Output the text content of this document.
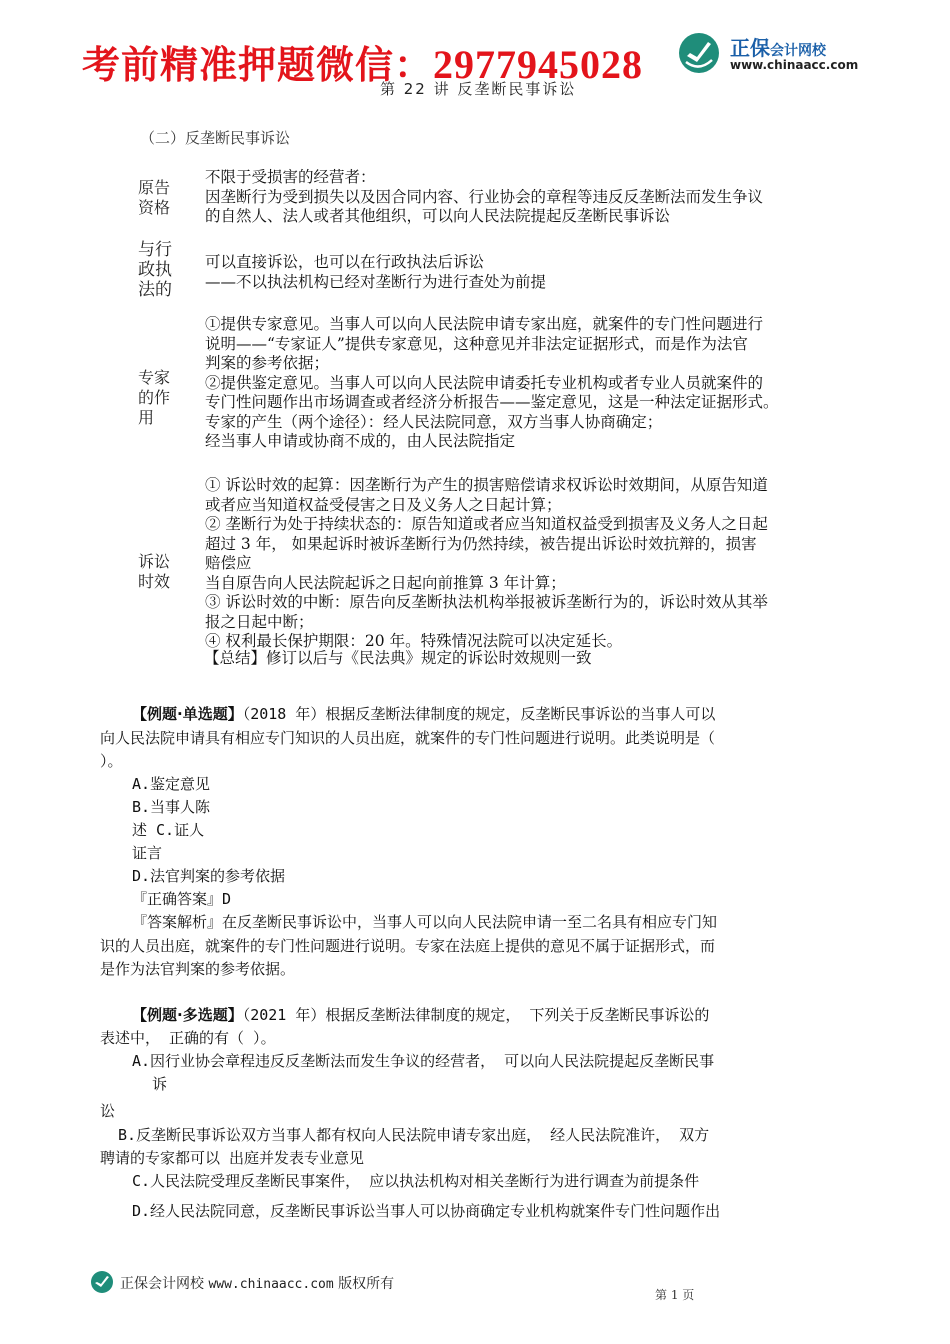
考前精准押题微信：2977945028	正保会计网校
www.chinaacc.com
第 22 讲 反垄断民事诉讼
（二）反垄断民事诉讼
原告资格
不限于受损害的经营者：
因垄断行为受到损失以及因合同内容、行业协会的章程等违反反垄断法而发生争议
的自然人、法人或者其他组织，可以向人民法院提起反垄断民事诉讼
与行政执法的
可以直接诉讼，也可以在行政执法后诉讼
——不以执法机构已经对垄断行为进行查处为前提
专家的作用
①提供专家意见。当事人可以向人民法院申请专家出庭，就案件的专门性问题进行
说明——“专家证人”提供专家意见，这种意见并非法定证据形式，而是作为法官
判案的参考依据；
②提供鉴定意见。当事人可以向人民法院申请委托专业机构或者专业人员就案件的
专门性问题作出市场调查或者经济分析报告——鉴定意见，这是一种法定证据形式。
专家的产生（两个途径）：经人民法院同意，双方当事人协商确定；
经当事人申请或协商不成的，由人民法院指定
诉讼时效
① 诉讼时效的起算：因垄断行为产生的损害赔偿请求权诉讼时效期间，从原告知道
或者应当知道权益受侵害之日及义务人之日起计算；
② 垄断行为处于持续状态的：原告知道或者应当知道权益受到损害及义务人之日起
超过 3 年， 如果起诉时被诉垄断行为仍然持续，被告提出诉讼时效抗辩的，损害
赔偿应
当自原告向人民法院起诉之日起向前推算 3 年计算；
③ 诉讼时效的中断：原告向反垄断执法机构举报被诉垄断行为的，诉讼时效从其举
报之日起中断；
④ 权利最长保护期限：20 年。特殊情况法院可以决定延长。
【总结】修订以后与《民法典》规定的诉讼时效规则一致
【例题·单选题】（2018 年）根据反垄断法律制度的规定，反垄断民事诉讼的当事人可以
向人民法院申请具有相应专门知识的人员出庭，就案件的专门性问题进行说明。此类说明是（
）。
A.鉴定意见
B.当事人陈
述 C.证人
证言
D.法官判案的参考依据
『正确答案』D
『答案解析』在反垄断民事诉讼中，当事人可以向人民法院申请一至二名具有相应专门知
识的人员出庭，就案件的专门性问题进行说明。专家在法庭上提供的意见不属于证据形式，而
是作为法官判案的参考依据。
【例题·多选题】（2021 年）根据反垄断法律制度的规定， 下列关于反垄断民事诉讼的
表述中， 正确的有（ ）。
A.因行业协会章程违反反垄断法而发生争议的经营者， 可以向人民法院提起反垄断民事
诉
讼
B.反垄断民事诉讼双方当事人都有权向人民法院申请专家出庭， 经人民法院准许， 双方
聘请的专家都可以 出庭并发表专业意见
C.人民法院受理反垄断民事案件， 应以执法机构对相关垄断行为进行调查为前提条件
D.经人民法院同意，反垄断民事诉讼当事人可以协商确定专业机构就案件专门性问题作出
正保会计网校 www.chinaacc.com 版权所有
第 1 页
